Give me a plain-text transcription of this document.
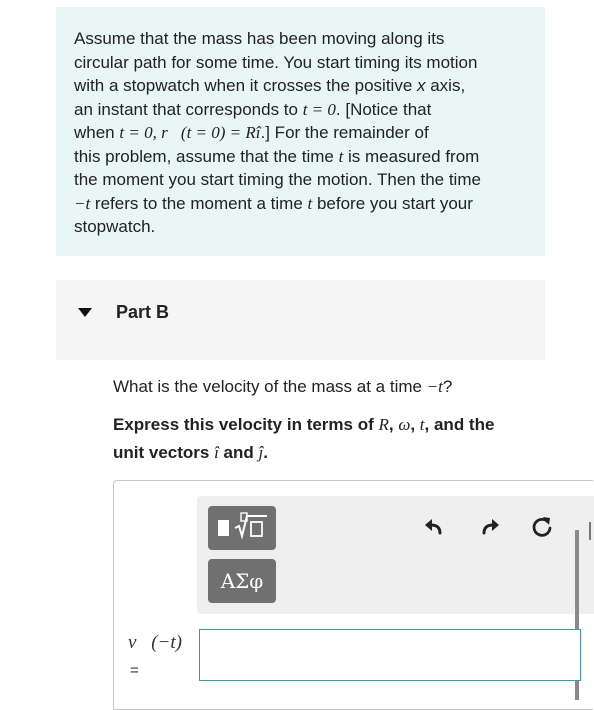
Assume that the mass has been moving along its
circular path for some time. You start timing its motion
with a stopwatch when it crosses the positive x axis,
an instant that corresponds to t = 0. [Notice that
when t = 0, r⃗(t = 0) = Rî.] For the remainder of
this problem, assume that the time t is measured from
the moment you start timing the motion. Then the time
−t refers to the moment a time t before you start your
stopwatch.

Part B

What is the velocity of the mass at a time −t?

Express this velocity in terms of R, ω, t, and the
unit vectors î and ĵ.

ΑΣφ
v⃗(−t)
=
